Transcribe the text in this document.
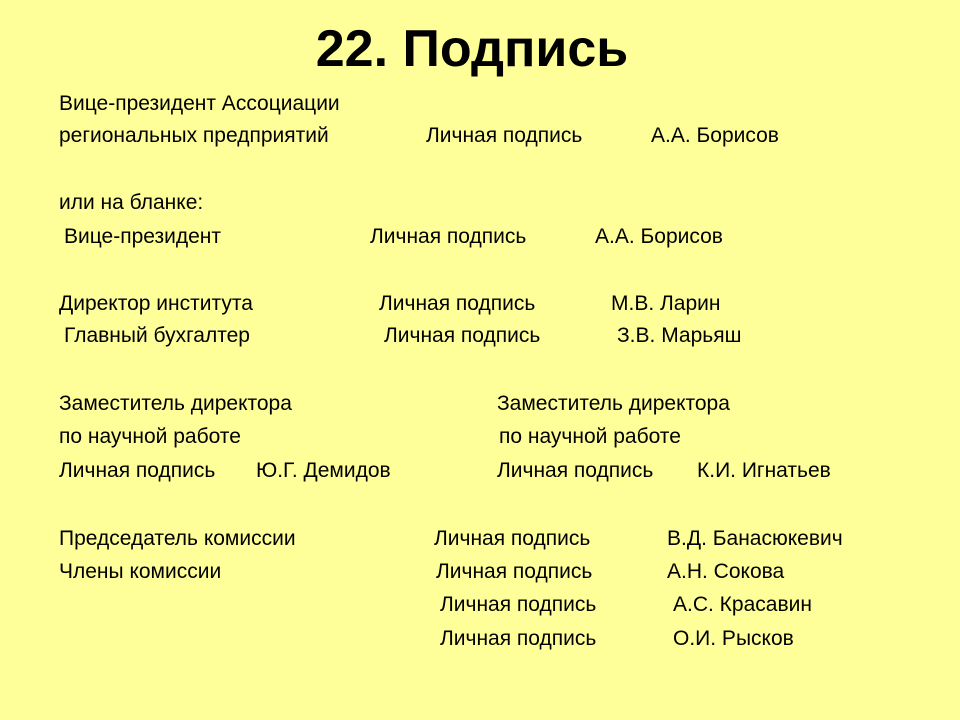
22. Подпись
Вице-президент Ассоциации
региональных предприятий	Личная подпись	А.А. Борисов
или на бланке:
Вице-президент	Личная подпись	А.А. Борисов
Директор института	Личная подпись	М.В. Ларин
Главный бухгалтер	Личная подпись	З.В. Марьяш
Заместитель директора
по научной работе
Личная подпись Ю.Г. Демидов
Заместитель директора
по научной работе
Личная подпись К.И. Игнатьев
Председатель комиссии	Личная подпись	В.Д. Банасюкевич
Члены комиссии	Личная подпись	А.Н. Сокова
Личная подпись	А.С. Красавин
Личная подпись	О.И. Рысков
